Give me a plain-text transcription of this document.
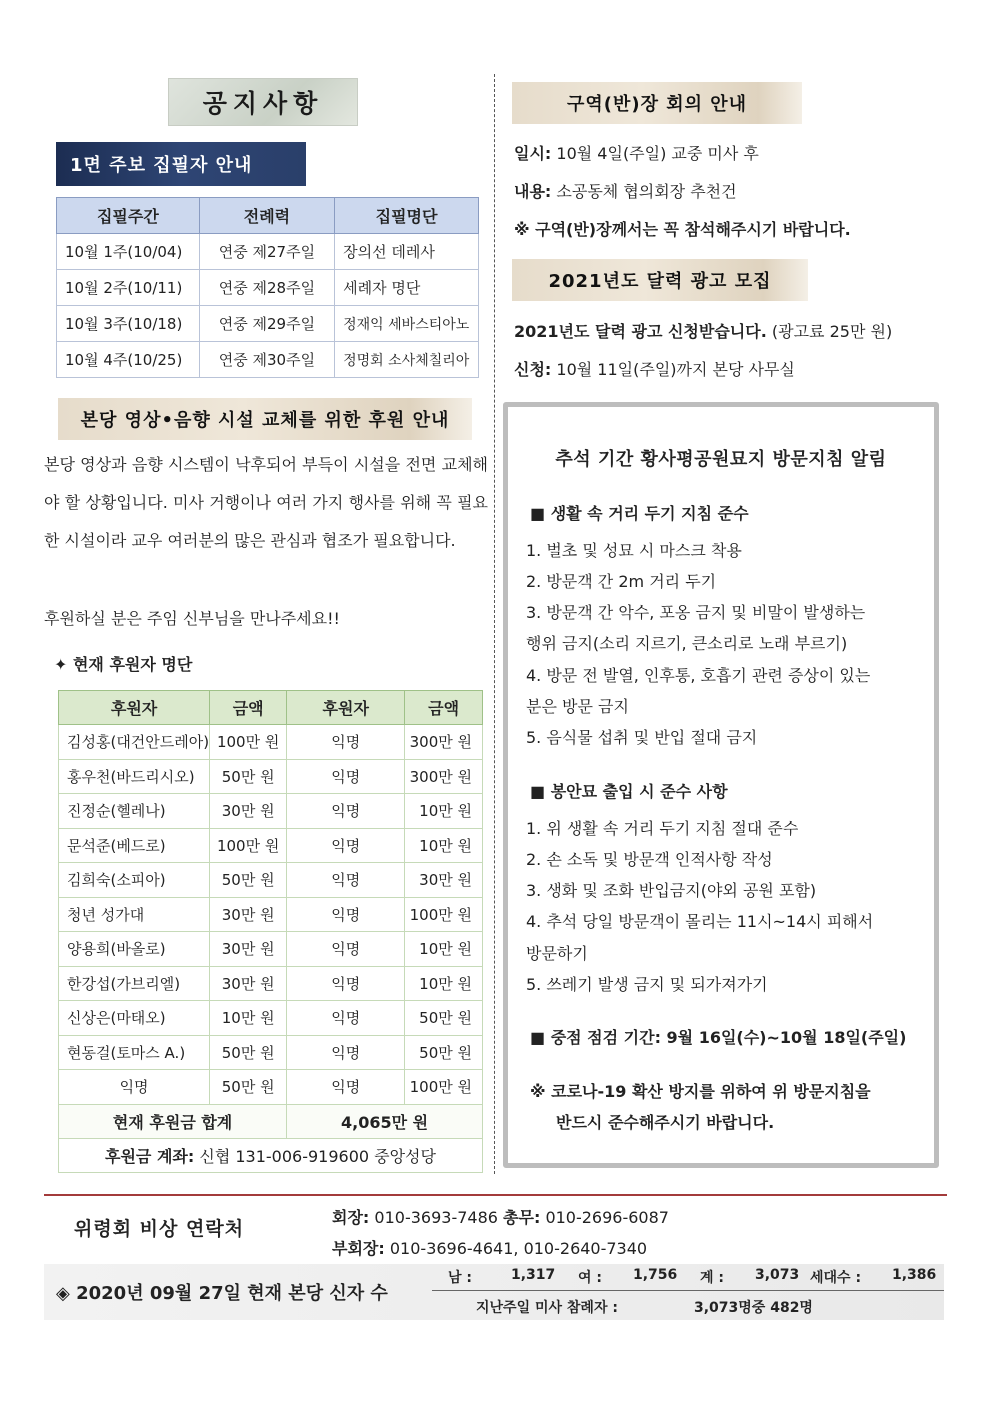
공지사항
1면 주보 집필자 안내
집필주간	전례력	집필명단
10월 1주(10/04)	연중 제27주일	장의선 데레사
10월 2주(10/11)	연중 제28주일	세례자 명단
10월 3주(10/18)	연중 제29주일	정재익 세바스티아노
10월 4주(10/25)	연중 제30주일	정명회 소사체칠리아
본당 영상•음향 시설 교체를 위한 후원 안내
본당 영상과 음향 시스템이 낙후되어 부득이 시설을 전면 교체해야 할 상황입니다. 미사 거행이나 여러 가지 행사를 위해 꼭 필요한 시설이라 교우 여러분의 많은 관심과 협조가 필요합니다.
후원하실 분은 주임 신부님을 만나주세요!!
✦ 현재 후원자 명단
후원자	금액	후원자	금액
김성홍(대건안드레아)	100만 원	익명	300만 원
홍우천(바드리시오)	50만 원	익명	300만 원
진정순(헬레나)	30만 원	익명	10만 원
문석준(베드로)	100만 원	익명	10만 원
김희숙(소피아)	50만 원	익명	30만 원
청년 성가대	30만 원	익명	100만 원
양용희(바올로)	30만 원	익명	10만 원
한강섭(가브리엘)	30만 원	익명	10만 원
신상은(마태오)	10만 원	익명	50만 원
현동걸(토마스 A.)	50만 원	익명	50만 원
익명	50만 원	익명	100만 원
현재 후원금 합계		4,065만 원	
후원금 계좌: 신협 131-006-919600 중앙성당			
구역(반)장 회의 안내
일시: 10월 4일(주일) 교중 미사 후
내용: 소공동체 협의회장 추천건
※ 구역(반)장께서는 꼭 참석해주시기 바랍니다.
2021년도 달력 광고 모집
2021년도 달력 광고 신청받습니다. (광고료 25만 원)
신청: 10월 11일(주일)까지 본당 사무실
추석 기간 황사평공원묘지 방문지침 알림
■ 생활 속 거리 두기 지침 준수
1. 벌초 및 성묘 시 마스크 착용
2. 방문객 간 2m 거리 두기
3. 방문객 간 악수, 포옹 금지 및 비말이 발생하는
행위 금지(소리 지르기, 큰소리로 노래 부르기)
4. 방문 전 발열, 인후통, 호흡기 관련 증상이 있는
분은 방문 금지
5. 음식물 섭취 및 반입 절대 금지
■ 봉안묘 출입 시 준수 사항
1. 위 생활 속 거리 두기 지침 절대 준수
2. 손 소독 및 방문객 인적사항 작성
3. 생화 및 조화 반입금지(야외 공원 포함)
4. 추석 당일 방문객이 몰리는 11시~14시 피해서
방문하기
5. 쓰레기 발생 금지 및 되가져가기
■ 중점 점검 기간: 9월 16일(수)~10월 18일(주일)
※ 코로나-19 확산 방지를 위하여 위 방문지침을
반드시 준수해주시기 바랍니다.
위령회 비상 연락처
회장: 010-3693-7486 총무: 010-2696-6087
부회장: 010-3696-4641, 010-2640-7340
◈ 2020년 09월 27일 현재 본당 신자 수
남 :	1,317 여 : 1,756 계 : 3,073 세대수 : 1,386
지난주일 미사 참례자 :	3,073명중 482명
